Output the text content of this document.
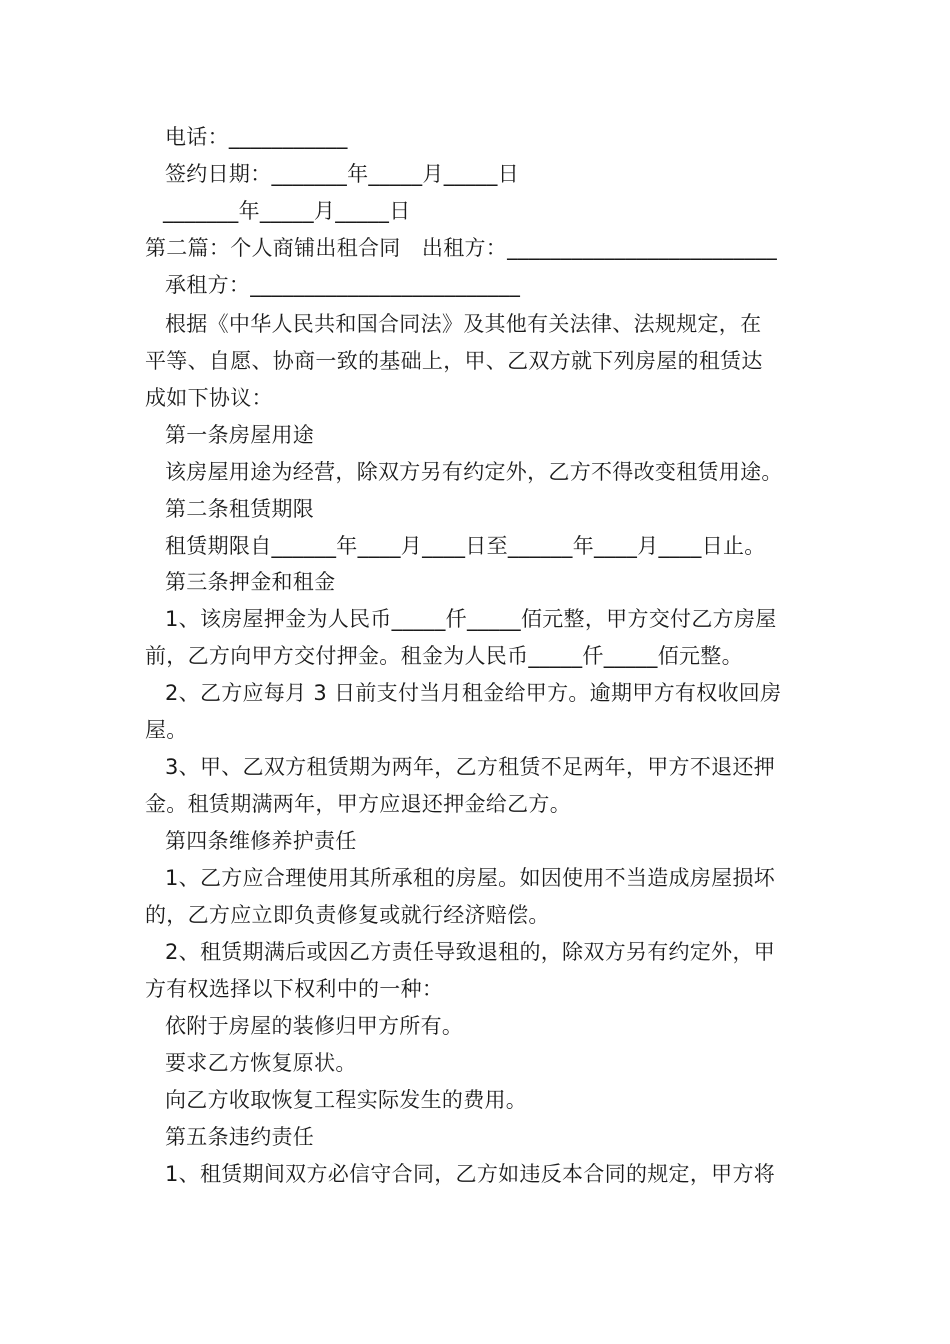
电话：___________
签约日期：_______年_____月_____日
_______年_____月_____日
第二篇：个人商铺出租合同　出租方：_________________________
承租方：_________________________
根据《中华人民共和国合同法》及其他有关法律、法规规定，在
平等、自愿、协商一致的基础上，甲、乙双方就下列房屋的租赁达
成如下协议：
第一条房屋用途
该房屋用途为经营，除双方另有约定外，乙方不得改变租赁用途。
第二条租赁期限
租赁期限自______年____月____日至______年____月____日止。
第三条押金和租金
1、该房屋押金为人民币_____仟_____佰元整，甲方交付乙方房屋
前，乙方向甲方交付押金。租金为人民币_____仟_____佰元整。
2、乙方应每月 3 日前支付当月租金给甲方。逾期甲方有权收回房
屋。
3、甲、乙双方租赁期为两年，乙方租赁不足两年，甲方不退还押
金。租赁期满两年，甲方应退还押金给乙方。
第四条维修养护责任
1、乙方应合理使用其所承租的房屋。如因使用不当造成房屋损坏
的，乙方应立即负责修复或就行经济赔偿。
2、租赁期满后或因乙方责任导致退租的，除双方另有约定外，甲
方有权选择以下权利中的一种：
依附于房屋的装修归甲方所有。
要求乙方恢复原状。
向乙方收取恢复工程实际发生的费用。
第五条违约责任
1、租赁期间双方必信守合同，乙方如违反本合同的规定，甲方将
